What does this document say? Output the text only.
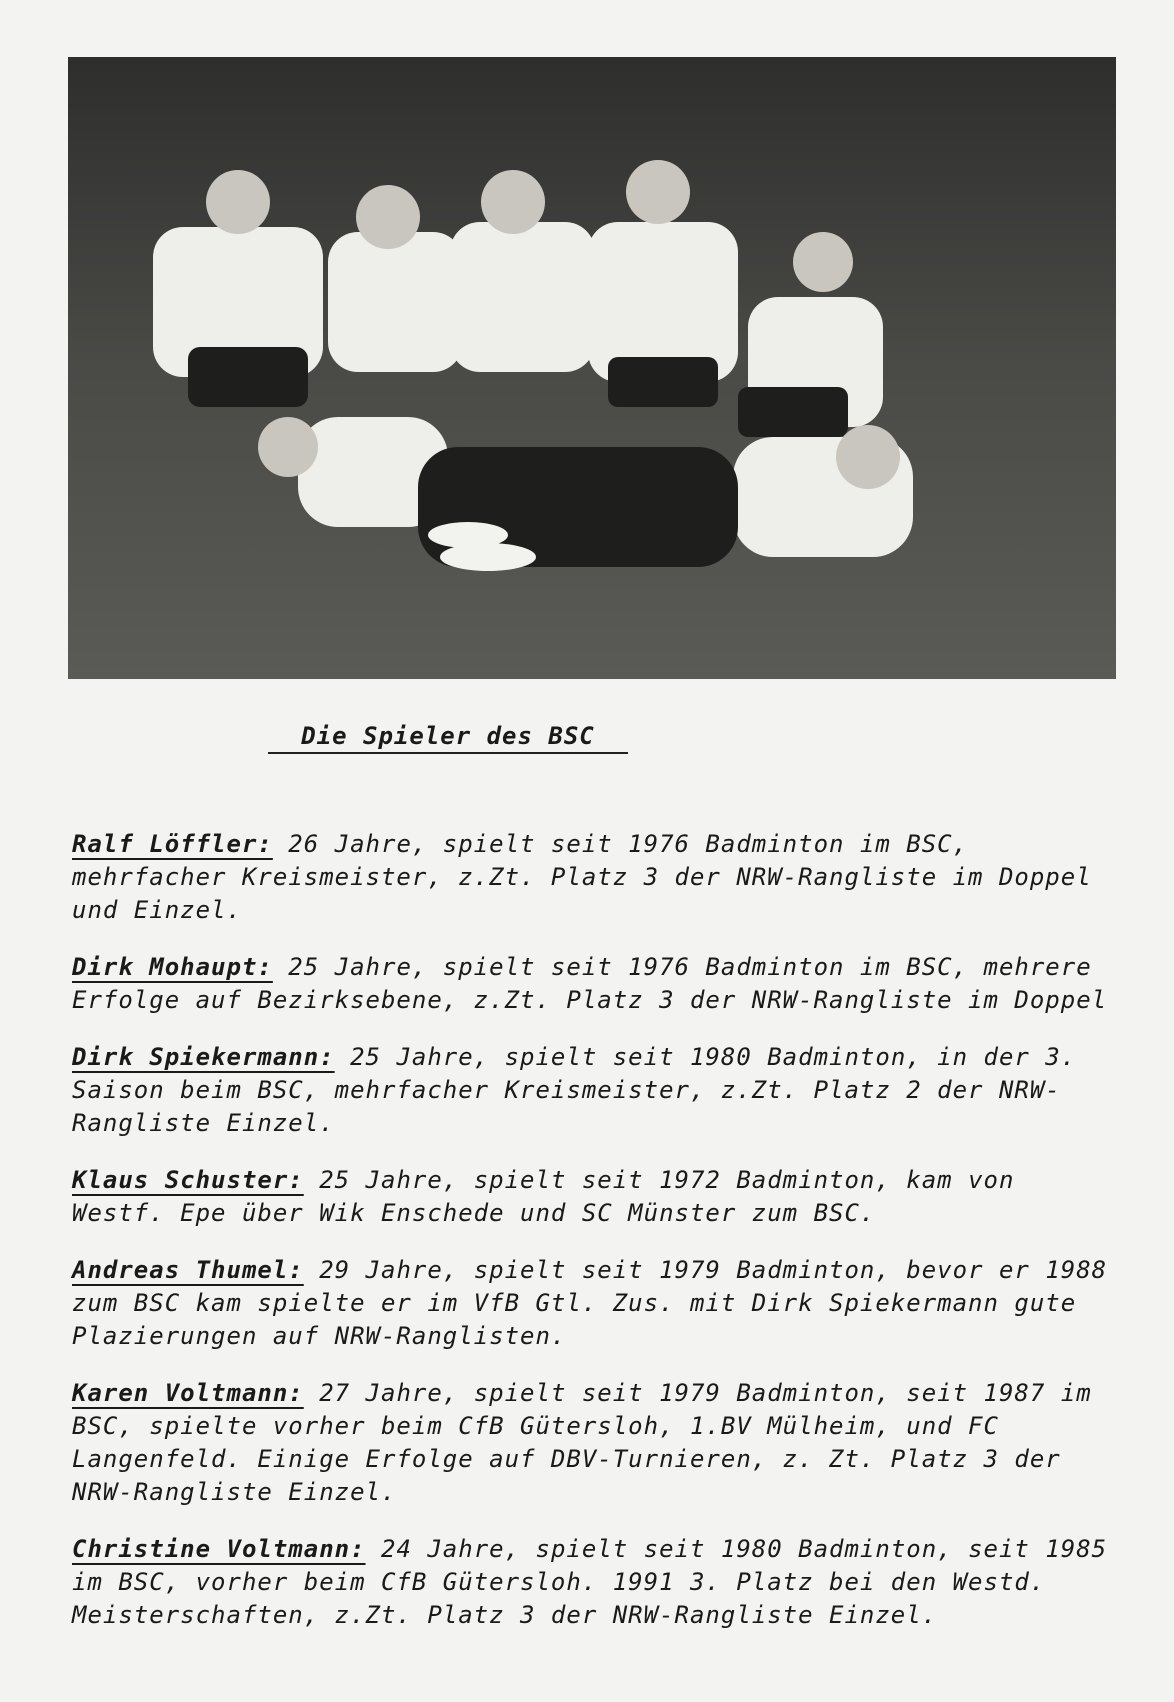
Die Spieler des BSC

Ralf Löffler: 26 Jahre, spielt seit 1976 Badminton im BSC, mehrfacher Kreismeister, z.Zt. Platz 3 der NRW-Rangliste im Doppel und Einzel.

Dirk Mohaupt: 25 Jahre, spielt seit 1976 Badminton im BSC, mehrere Erfolge auf Bezirksebene, z.Zt. Platz 3 der NRW-Rangliste im Doppel

Dirk Spiekermann: 25 Jahre, spielt seit 1980 Badminton, in der 3. Saison beim BSC, mehrfacher Kreismeister, z.Zt. Platz 2 der NRW-Rangliste Einzel.

Klaus Schuster: 25 Jahre, spielt seit 1972 Badminton, kam von Westf. Epe über Wik Enschede und SC Münster zum BSC.

Andreas Thumel: 29 Jahre, spielt seit 1979 Badminton, bevor er 1988 zum BSC kam spielte er im VfB Gtl. Zus. mit Dirk Spiekermann gute Plazierungen auf NRW-Ranglisten.

Karen Voltmann: 27 Jahre, spielt seit 1979 Badminton, seit 1987 im BSC, spielte vorher beim CfB Gütersloh, 1.BV Mülheim, und FC Langenfeld. Einige Erfolge auf DBV-Turnieren, z. Zt. Platz 3 der NRW-Rangliste Einzel.

Christine Voltmann: 24 Jahre, spielt seit 1980 Badminton, seit 1985 im BSC, vorher beim CfB Gütersloh. 1991 3. Platz bei den Westd. Meisterschaften, z.Zt. Platz 3 der NRW-Rangliste Einzel.
